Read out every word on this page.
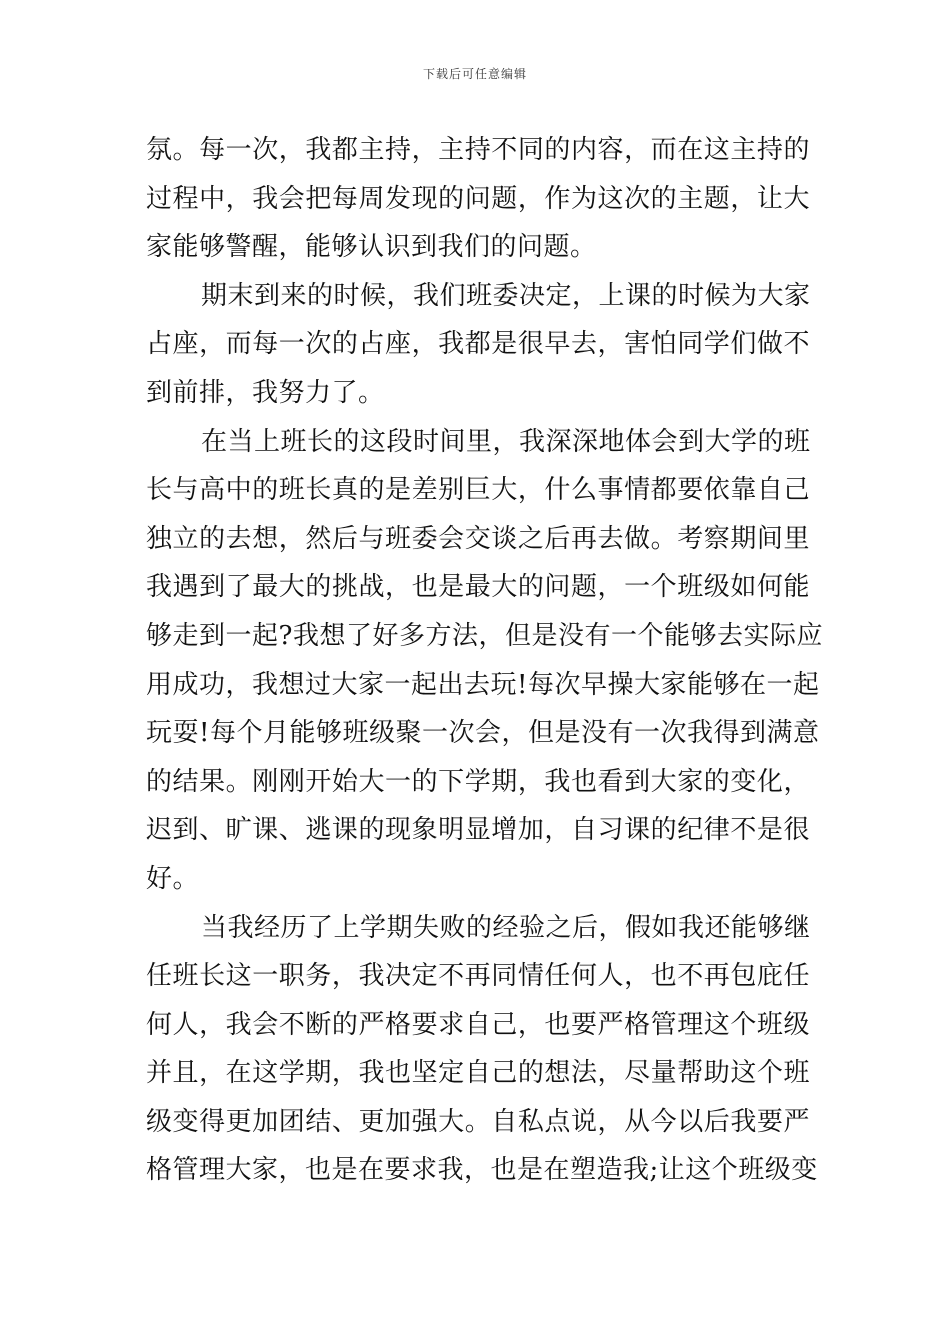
下载后可任意编辑
氛。每一次，我都主持，主持不同的内容，而在这主持的
过程中，我会把每周发现的问题，作为这次的主题，让大
家能够警醒，能够认识到我们的问题。
期末到来的时候，我们班委决定，上课的时候为大家
占座，而每一次的占座，我都是很早去，害怕同学们做不
到前排，我努力了。
在当上班长的这段时间里，我深深地体会到大学的班
长与高中的班长真的是差别巨大，什么事情都要依靠自己
独立的去想，然后与班委会交谈之后再去做。考察期间里
我遇到了最大的挑战，也是最大的问题，一个班级如何能
够走到一起?我想了好多方法，但是没有一个能够去实际应
用成功，我想过大家一起出去玩!每次早操大家能够在一起
玩耍!每个月能够班级聚一次会，但是没有一次我得到满意
的结果。刚刚开始大一的下学期，我也看到大家的变化，
迟到、旷课、逃课的现象明显增加，自习课的纪律不是很
好。
当我经历了上学期失败的经验之后，假如我还能够继
任班长这一职务，我决定不再同情任何人，也不再包庇任
何人，我会不断的严格要求自己，也要严格管理这个班级
并且，在这学期，我也坚定自己的想法，尽量帮助这个班
级变得更加团结、更加强大。自私点说，从今以后我要严
格管理大家，也是在要求我，也是在塑造我;让这个班级变
